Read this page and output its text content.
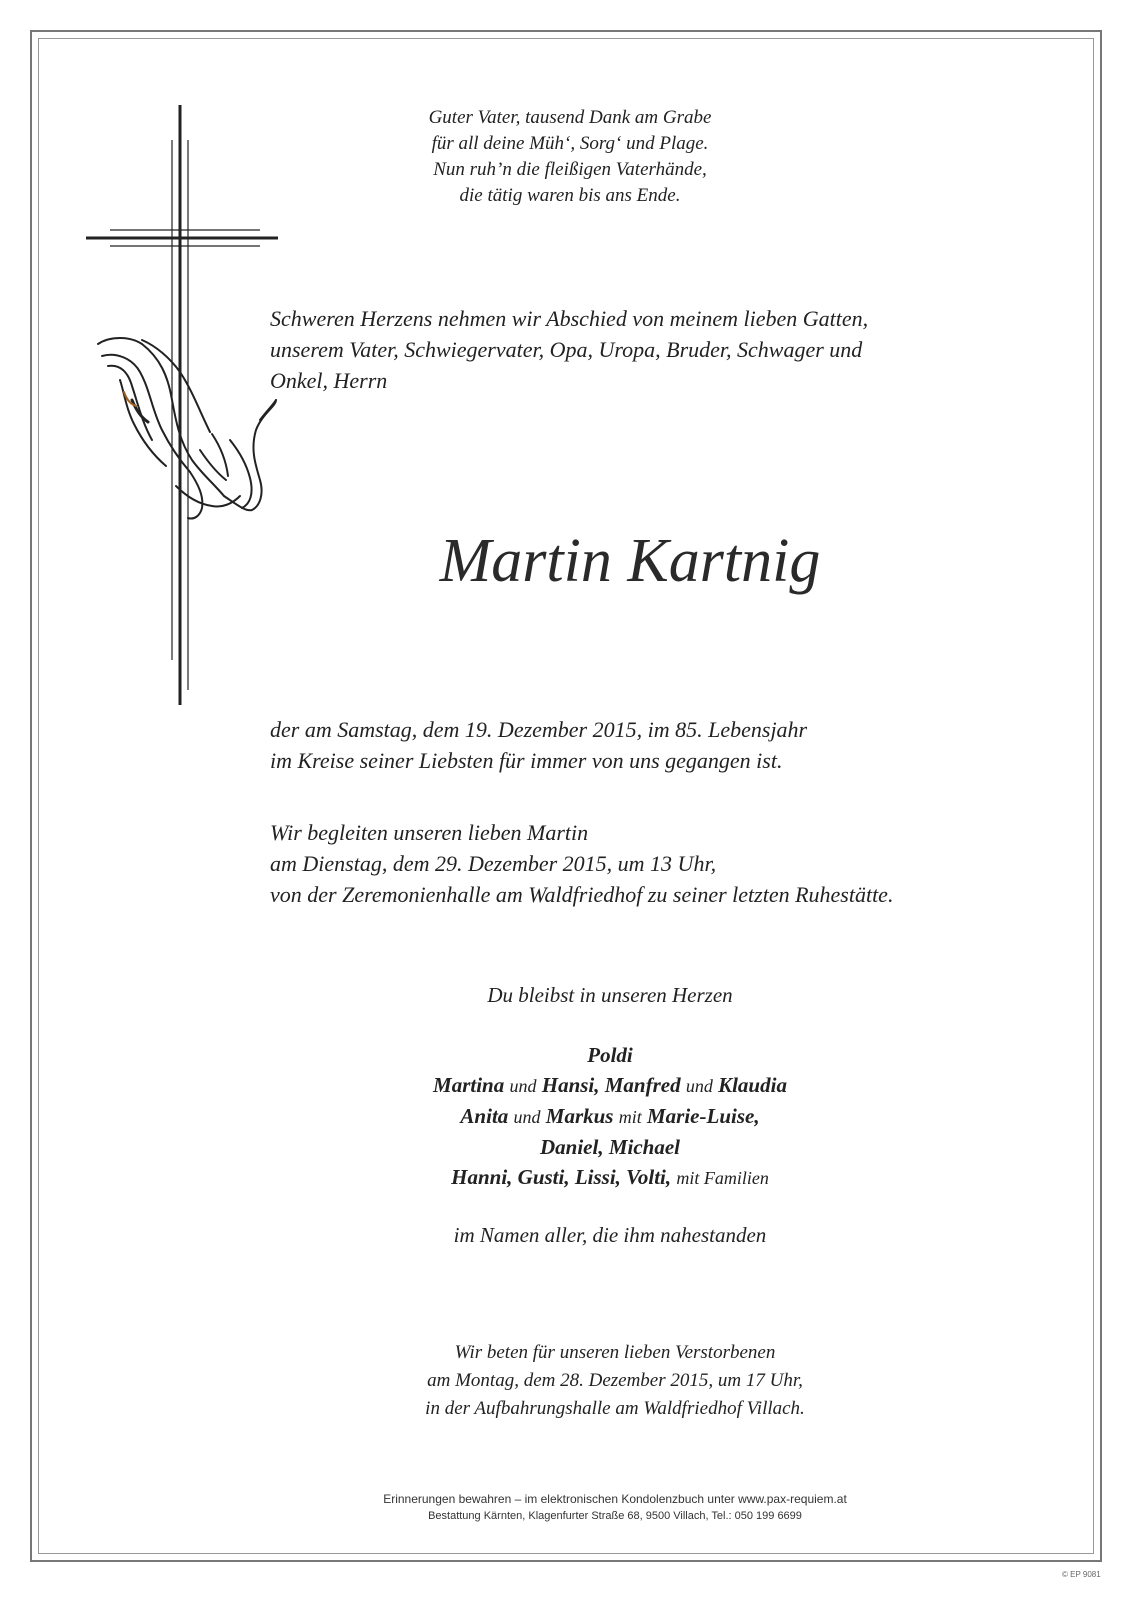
Guter Vater, tausend Dank am Grabe

für all deine Müh‘, Sorg‘ und Plage.

Nun ruh’n die fleißigen Vaterhände,

die tätig waren bis ans Ende.

Schweren Herzens nehmen wir Abschied von meinem lieben Gatten,

unserem Vater, Schwiegervater, Opa, Uropa, Bruder, Schwager und

Onkel, Herrn

Martin Kartnig

der am Samstag, dem 19. Dezember 2015, im 85. Lebensjahr

im Kreise seiner Liebsten für immer von uns gegangen ist.

Wir begleiten unseren lieben Martin

am Dienstag, dem 29. Dezember 2015, um 13 Uhr,

von der Zeremonienhalle am Waldfriedhof zu seiner letzten Ruhestätte.

Du bleibst in unseren Herzen

Poldi

Martina und Hansi, Manfred und Klaudia

Anita und Markus mit Marie-Luise,

Daniel, Michael

Hanni, Gusti, Lissi, Volti, mit Familien

im Namen aller, die ihm nahestanden

Wir beten für unseren lieben Verstorbenen

am Montag, dem 28. Dezember 2015, um 17 Uhr,

in der Aufbahrungshalle am Waldfriedhof Villach.

Erinnerungen bewahren – im elektronischen Kondolenzbuch unter www.pax-requiem.at
Bestattung Kärnten, Klagenfurter Straße 68, 9500 Villach, Tel.: 050 199 6699
© EP 9081
